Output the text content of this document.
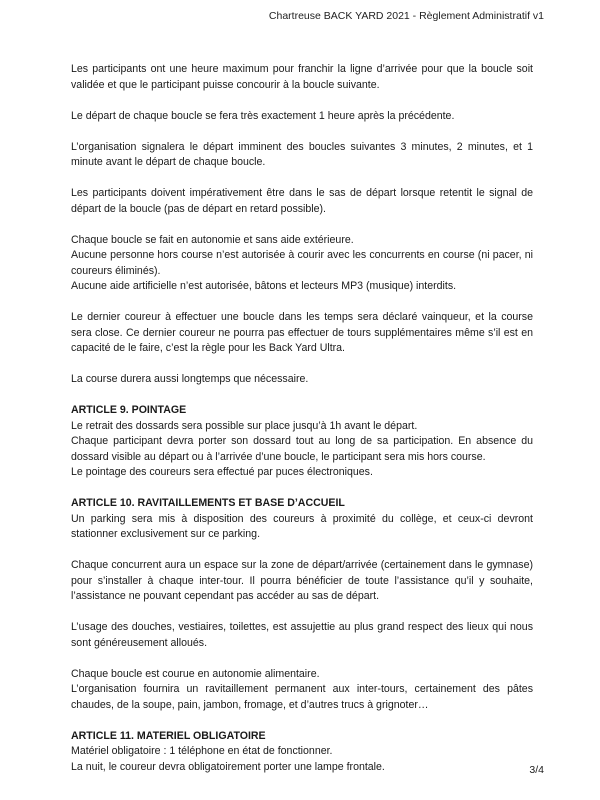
Chartreuse BACK YARD 2021 - Règlement Administratif v1

Les participants ont une heure maximum pour franchir la ligne d’arrivée pour que la boucle soit validée et que le participant puisse concourir à la boucle suivante.

Le départ de chaque boucle se fera très exactement 1 heure après la précédente.

L’organisation signalera le départ imminent des boucles suivantes 3 minutes, 2 minutes, et 1 minute avant le départ de chaque boucle.

Les participants doivent impérativement être dans le sas de départ lorsque retentit le signal de départ de la boucle (pas de départ en retard possible).

Chaque boucle se fait en autonomie et sans aide extérieure.

Aucune personne hors course n’est autorisée à courir avec les concurrents en course (ni pacer, ni coureurs éliminés).

Aucune aide artificielle n’est autorisée, bâtons et lecteurs MP3 (musique) interdits.

Le dernier coureur à effectuer une boucle dans les temps sera déclaré vainqueur, et la course sera close. Ce dernier coureur ne pourra pas effectuer de tours supplémentaires même s’il est en capacité de le faire, c’est la règle pour les Back Yard Ultra.

La course durera aussi longtemps que nécessaire.

ARTICLE 9. POINTAGE

Le retrait des dossards sera possible sur place jusqu’à 1h avant le départ.

Chaque participant devra porter son dossard tout au long de sa participation. En absence du dossard visible au départ ou à l’arrivée d’une boucle, le participant sera mis hors course.

Le pointage des coureurs sera effectué par puces électroniques.

ARTICLE 10. RAVITAILLEMENTS ET BASE D’ACCUEIL

Un parking sera mis à disposition des coureurs à proximité du collège, et ceux-ci devront stationner exclusivement sur ce parking.

Chaque concurrent aura un espace sur la zone de départ/arrivée (certainement dans le gymnase) pour s’installer à chaque inter-tour. Il pourra bénéficier de toute l’assistance qu’il y souhaite, l’assistance ne pouvant cependant pas accéder au sas de départ.

L’usage des douches, vestiaires, toilettes, est assujettie au plus grand respect des lieux qui nous sont généreusement alloués.

Chaque boucle est courue en autonomie alimentaire.

L’organisation fournira un ravitaillement permanent aux inter-tours, certainement des pâtes chaudes, de la soupe, pain, jambon, fromage, et d’autres trucs à grignoter…

ARTICLE 11. MATERIEL OBLIGATOIRE

Matériel obligatoire : 1 téléphone en état de fonctionner.

La nuit, le coureur devra obligatoirement porter une lampe frontale.	3/4
